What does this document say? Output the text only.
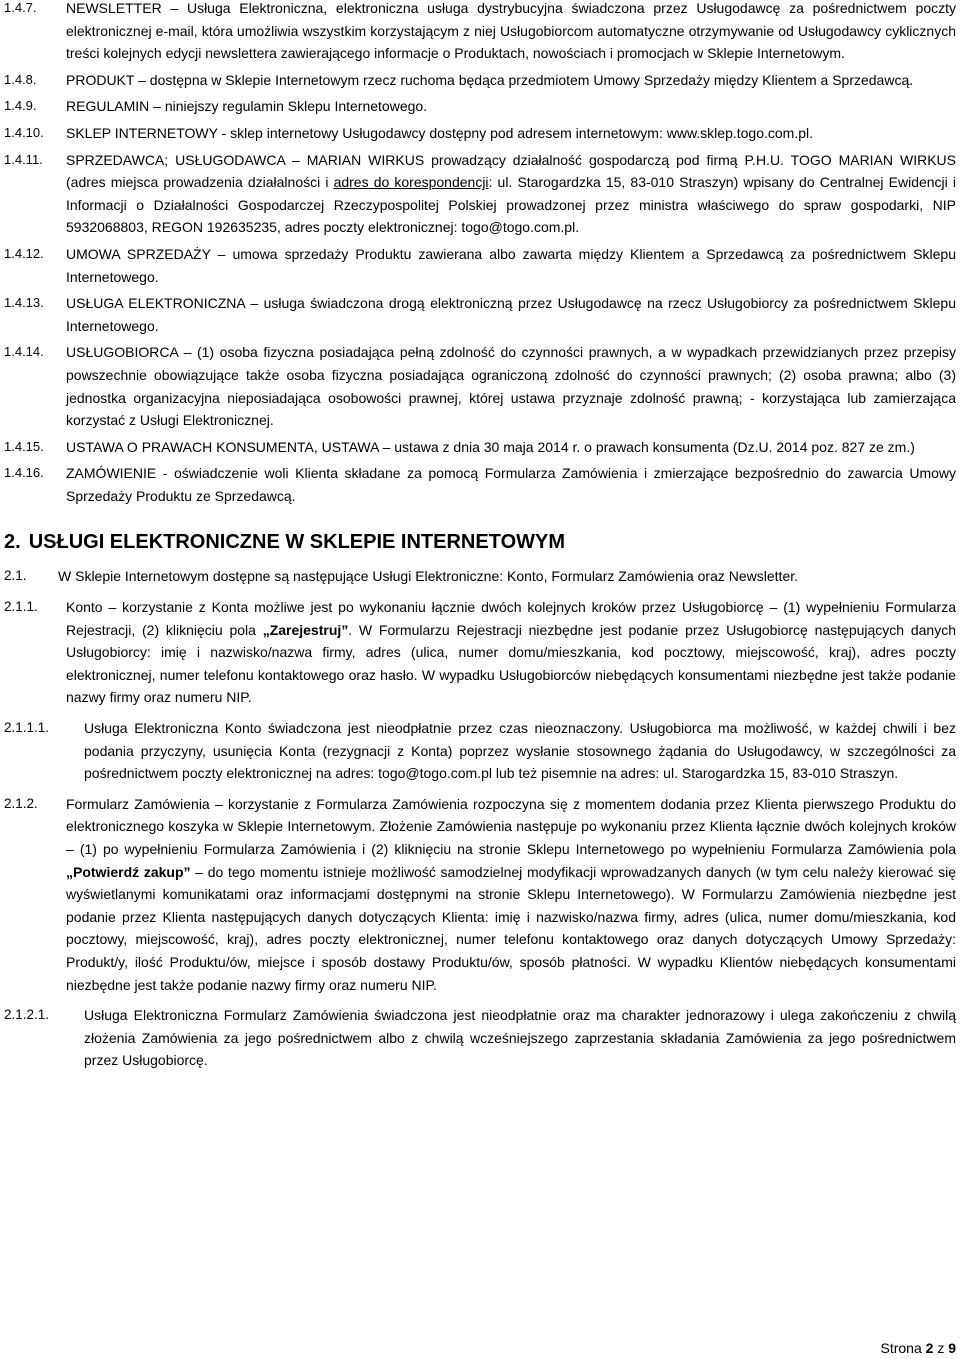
1.4.7.	NEWSLETTER – Usługa Elektroniczna, elektroniczna usługa dystrybucyjna świadczona przez Usługodawcę za pośrednictwem poczty elektronicznej e-mail, która umożliwia wszystkim korzystającym z niej Usługobiorcom automatyczne otrzymywanie od Usługodawcy cyklicznych treści kolejnych edycji newslettera zawierającego informacje o Produktach, nowościach i promocjach w Sklepie Internetowym.
1.4.8.	PRODUKT – dostępna w Sklepie Internetowym rzecz ruchoma będąca przedmiotem Umowy Sprzedaży między Klientem a Sprzedawcą.
1.4.9.	REGULAMIN – niniejszy regulamin Sklepu Internetowego.
1.4.10.	SKLEP INTERNETOWY - sklep internetowy Usługodawcy dostępny pod adresem internetowym: www.sklep.togo.com.pl.
1.4.11.	SPRZEDAWCA; USŁUGODAWCA – MARIAN WIRKUS prowadzący działalność gospodarczą pod firmą P.H.U. TOGO MARIAN WIRKUS (adres miejsca prowadzenia działalności i adres do korespondencji: ul. Starogardzka 15, 83-010 Straszyn) wpisany do Centralnej Ewidencji i Informacji o Działalności Gospodarczej Rzeczypospolitej Polskiej prowadzonej przez ministra właściwego do spraw gospodarki, NIP 5932068803, REGON 192635235, adres poczty elektronicznej: togo@togo.com.pl.
1.4.12.	UMOWA SPRZEDAŻY – umowa sprzedaży Produktu zawierana albo zawarta między Klientem a Sprzedawcą za pośrednictwem Sklepu Internetowego.
1.4.13.	USŁUGA ELEKTRONICZNA – usługa świadczona drogą elektroniczną przez Usługodawcę na rzecz Usługobiorcy za pośrednictwem Sklepu Internetowego.
1.4.14.	USŁUGOBIORCA – (1) osoba fizyczna posiadająca pełną zdolność do czynności prawnych, a w wypadkach przewidzianych przez przepisy powszechnie obowiązujące także osoba fizyczna posiadająca ograniczoną zdolność do czynności prawnych; (2) osoba prawna; albo (3) jednostka organizacyjna nieposiadająca osobowości prawnej, której ustawa przyznaje zdolność prawną; - korzystająca lub zamierzająca korzystać z Usługi Elektronicznej.
1.4.15.	USTAWA O PRAWACH KONSUMENTA, USTAWA – ustawa z dnia 30 maja 2014 r. o prawach konsumenta (Dz.U. 2014 poz. 827 ze zm.)
1.4.16.	ZAMÓWIENIE - oświadczenie woli Klienta składane za pomocą Formularza Zamówienia i zmierzające bezpośrednio do zawarcia Umowy Sprzedaży Produktu ze Sprzedawcą.
2. USŁUGI ELEKTRONICZNE W SKLEPIE INTERNETOWYM
2.1.	W Sklepie Internetowym dostępne są następujące Usługi Elektroniczne: Konto, Formularz Zamówienia oraz Newsletter.
2.1.1.	Konto – korzystanie z Konta możliwe jest po wykonaniu łącznie dwóch kolejnych kroków przez Usługobiorcę – (1) wypełnieniu Formularza Rejestracji, (2) kliknięciu pola „Zarejestruj”. W Formularzu Rejestracji niezbędne jest podanie przez Usługobiorcę następujących danych Usługobiorcy: imię i nazwisko/nazwa firmy, adres (ulica, numer domu/mieszkania, kod pocztowy, miejscowość, kraj), adres poczty elektronicznej, numer telefonu kontaktowego oraz hasło. W wypadku Usługobiorców niebędących konsumentami niezbędne jest także podanie nazwy firmy oraz numeru NIP.
2.1.1.1.	Usługa Elektroniczna Konto świadczona jest nieodpłatnie przez czas nieoznaczony. Usługobiorca ma możliwość, w każdej chwili i bez podania przyczyny, usunięcia Konta (rezygnacji z Konta) poprzez wysłanie stosownego żądania do Usługodawcy, w szczególności za pośrednictwem poczty elektronicznej na adres: togo@togo.com.pl lub też pisemnie na adres: ul. Starogardzka 15, 83-010 Straszyn.
2.1.2.	Formularz Zamówienia – korzystanie z Formularza Zamówienia rozpoczyna się z momentem dodania przez Klienta pierwszego Produktu do elektronicznego koszyka w Sklepie Internetowym. Złożenie Zamówienia następuje po wykonaniu przez Klienta łącznie dwóch kolejnych kroków – (1) po wypełnieniu Formularza Zamówienia i (2) kliknięciu na stronie Sklepu Internetowego po wypełnieniu Formularza Zamówienia pola „Potwierdź zakup” – do tego momentu istnieje możliwość samodzielnej modyfikacji wprowadzanych danych (w tym celu należy kierować się wyświetlanymi komunikatami oraz informacjami dostępnymi na stronie Sklepu Internetowego). W Formularzu Zamówienia niezbędne jest podanie przez Klienta następujących danych dotyczących Klienta: imię i nazwisko/nazwa firmy, adres (ulica, numer domu/mieszkania, kod pocztowy, miejscowość, kraj), adres poczty elektronicznej, numer telefonu kontaktowego oraz danych dotyczących Umowy Sprzedaży: Produkt/y, ilość Produktu/ów, miejsce i sposób dostawy Produktu/ów, sposób płatności. W wypadku Klientów niebędących konsumentami niezbędne jest także podanie nazwy firmy oraz numeru NIP.
2.1.2.1.	Usługa Elektroniczna Formularz Zamówienia świadczona jest nieodpłatnie oraz ma charakter jednorazowy i ulega zakończeniu z chwilą złożenia Zamówienia za jego pośrednictwem albo z chwilą wcześniejszego zaprzestania składania Zamówienia za jego pośrednictwem przez Usługobiorcę.
Strona 2 z 9
